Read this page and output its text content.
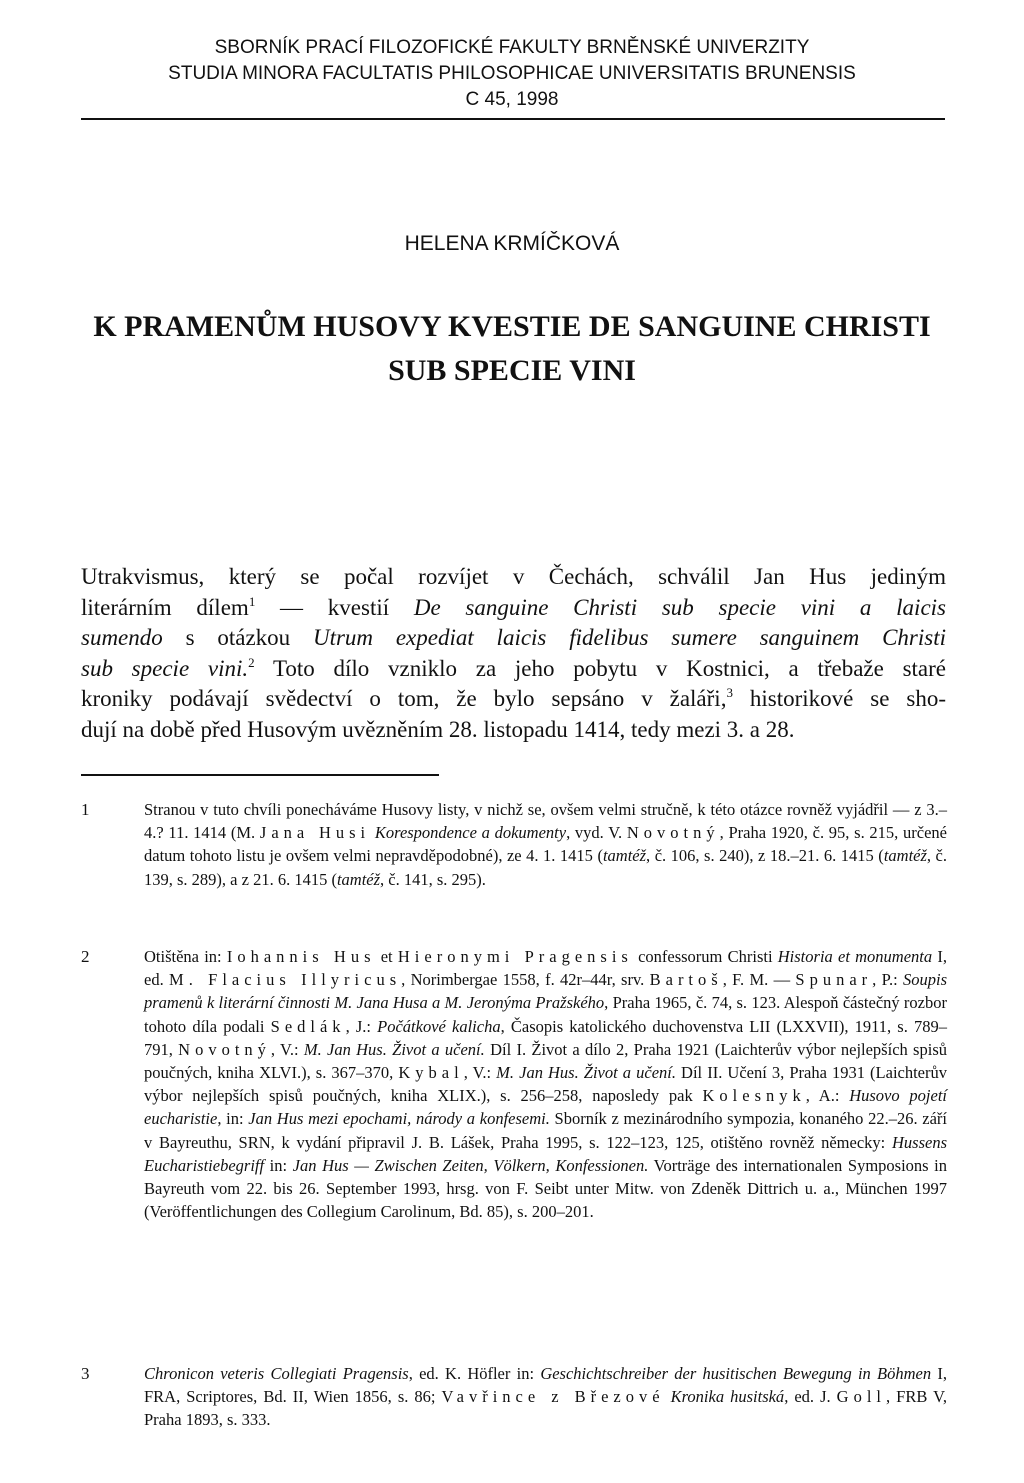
SBORNÍK PRACÍ FILOZOFICKÉ FAKULTY BRNĚNSKÉ UNIVERZITY
STUDIA MINORA FACULTATIS PHILOSOPHICAE UNIVERSITATIS BRUNENSIS
C 45, 1998
HELENA KRMÍČKOVÁ
K PRAMENŮM HUSOVY KVESTIE DE SANGUINE CHRISTI
SUB SPECIE VINI
Utrakvismus, který se počal rozvíjet v Čechách, schválil Jan Hus jediným
literárním dílem$^1$ — kvestií De sanguine Christi sub specie vini a laicis
sumendo s otázkou Utrum expediat laicis fidelibus sumere sanguinem Christi
sub specie vini.$^2$ Toto dílo vzniklo za jeho pobytu v Kostnici, a třebaže staré
kroniky podávají svědectví o tom, že bylo sepsáno v žaláři,$^3$ historikové se sho-
dují na době před Husovým uvězněním 28. listopadu 1414, tedy mezi 3. a 28.
1	Stranou v tuto chvíli ponecháváme Husovy listy, v nichž se, ovšem velmi stručně, k této otázce rovněž vyjádřil — z 3.–4.? 11. 1414 (M. Jana Husi Korespondence a dokumenty, vyd. V. Novotný, Praha 1920, č. 95, s. 215, určené datum tohoto listu je ovšem velmi nepravděpodobné), ze 4. 1. 1415 (tamtéž, č. 106, s. 240), z 18.–21. 6. 1415 (tamtéž, č. 139, s. 289), a z 21. 6. 1415 (tamtéž, č. 141, s. 295).
2	Otištěna in: Iohannis Hus et Hieronymi Pragensis confessorum Christi Historia et monumenta I, ed. M. Flacius Illyricus, Norimbergae 1558, f. 42r–44r, srv. Bartoš, F. M. — Spunar, P.: Soupis pramenů k literární činnosti M. Jana Husa a M. Jeronýma Pražského, Praha 1965, č. 74, s. 123. Alespoň částečný rozbor tohoto díla podali Sedlák, J.: Počátkové kalicha, Časopis katolického duchovenstva LII (LXXVII), 1911, s. 789–791, Novotný, V.: M. Jan Hus. Život a učení. Díl I. Život a dílo 2, Praha 1921 (Laichterův výbor nejlepších spisů poučných, kniha XLVI.), s. 367–370, Kybal, V.: M. Jan Hus. Život a učení. Díl II. Učení 3, Praha 1931 (Laichterův výbor nejlepších spisů poučných, kniha XLIX.), s. 256–258, naposledy pak Kolesnyk, A.: Husovo pojetí eucharistie, in: Jan Hus mezi epochami, národy a konfesemi. Sborník z mezinárodního sympozia, konaného 22.–26. září v Bayreuthu, SRN, k vydání připravil J. B. Lášek, Praha 1995, s. 122–123, 125, otištěno rovněž německy: Hussens Eucharistiebegriff in: Jan Hus — Zwischen Zeiten, Völkern, Konfessionen. Vorträge des internationalen Symposions in Bayreuth vom 22. bis 26. September 1993, hrsg. von F. Seibt unter Mitw. von Zdeněk Dittrich u. a., München 1997 (Veröffentlichungen des Collegium Carolinum, Bd. 85), s. 200–201.
3	Chronicon veteris Collegiati Pragensis, ed. K. Höfler in: Geschichtschreiber der husitischen Bewegung in Böhmen I, FRA, Scriptores, Bd. II, Wien 1856, s. 86; Vavřince z Březové Kronika husitská, ed. J. Goll, FRB V, Praha 1893, s. 333.
